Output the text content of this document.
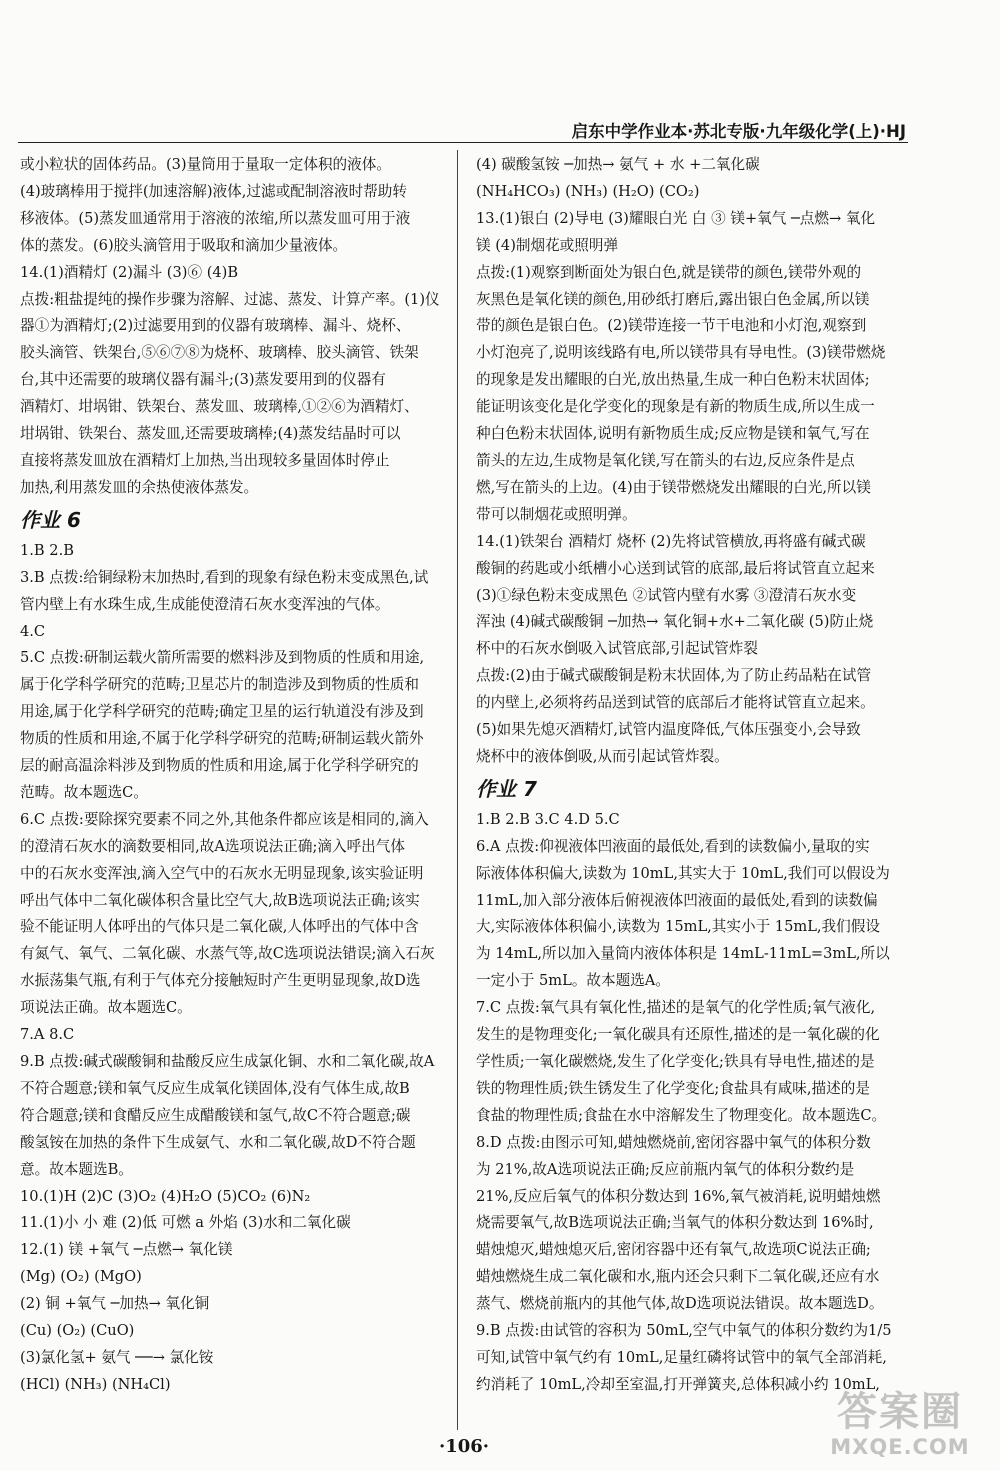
启东中学作业本·苏北专版·九年级化学(上)·HJ

或小粒状的固体药品。(3)量筒用于量取一定体积的液体。

(4)玻璃棒用于搅拌(加速溶解)液体,过滤或配制溶液时帮助转

移液体。(5)蒸发皿通常用于溶液的浓缩,所以蒸发皿可用于液

体的蒸发。(6)胶头滴管用于吸取和滴加少量液体。

14.(1)酒精灯 (2)漏斗 (3)⑥ (4)B

点拨:粗盐提纯的操作步骤为溶解、过滤、蒸发、计算产率。(1)仪

器①为酒精灯;(2)过滤要用到的仪器有玻璃棒、漏斗、烧杯、

胶头滴管、铁架台,⑤⑥⑦⑧为烧杯、玻璃棒、胶头滴管、铁架

台,其中还需要的玻璃仪器有漏斗;(3)蒸发要用到的仪器有

酒精灯、坩埚钳、铁架台、蒸发皿、玻璃棒,①②⑥为酒精灯、

坩埚钳、铁架台、蒸发皿,还需要玻璃棒;(4)蒸发结晶时可以

直接将蒸发皿放在酒精灯上加热,当出现较多量固体时停止

加热,利用蒸发皿的余热使液体蒸发。

作业 6

1.B 2.B

3.B 点拨:给铜绿粉末加热时,看到的现象有绿色粉末变成黑色,试

管内壁上有水珠生成,生成能使澄清石灰水变浑浊的气体。

4.C

5.C 点拨:研制运载火箭所需要的燃料涉及到物质的性质和用途,

属于化学科学研究的范畴;卫星芯片的制造涉及到物质的性质和

用途,属于化学科学研究的范畴;确定卫星的运行轨道没有涉及到

物质的性质和用途,不属于化学科学研究的范畴;研制运载火箭外

层的耐高温涂料涉及到物质的性质和用途,属于化学科学研究的

范畴。故本题选C。

6.C 点拨:要除探究要素不同之外,其他条件都应该是相同的,滴入

的澄清石灰水的滴数要相同,故A选项说法正确;滴入呼出气体

中的石灰水变浑浊,滴入空气中的石灰水无明显现象,该实验证明

呼出气体中二氧化碳体积含量比空气大,故B选项说法正确;该实

验不能证明人体呼出的气体只是二氧化碳,人体呼出的气体中含

有氮气、氧气、二氧化碳、水蒸气等,故C选项说法错误;滴入石灰

水振荡集气瓶,有利于气体充分接触短时产生更明显现象,故D选

项说法正确。故本题选C。

7.A 8.C

9.B 点拨:碱式碳酸铜和盐酸反应生成氯化铜、水和二氧化碳,故A

不符合题意;镁和氧气反应生成氧化镁固体,没有气体生成,故B

符合题意;镁和食醋反应生成醋酸镁和氢气,故C不符合题意;碳

酸氢铵在加热的条件下生成氨气、水和二氧化碳,故D不符合题

意。故本题选B。

10.(1)H (2)C (3)O₂ (4)H₂O (5)CO₂ (6)N₂

11.(1)小 小 难 (2)低 可燃 a 外焰 (3)水和二氧化碳

12.(1) 镁 +氧气 ─点燃→ 氧化镁

(Mg) (O₂) (MgO)

(2) 铜 +氧气 ─加热→ 氧化铜

(Cu) (O₂) (CuO)

(3)氯化氢+ 氨气 ──→ 氯化铵

(HCl) (NH₃) (NH₄Cl)

(4) 碳酸氢铵 ─加热→ 氨气 + 水 +二氧化碳

(NH₄HCO₃) (NH₃) (H₂O) (CO₂)

13.(1)银白 (2)导电 (3)耀眼白光 白 ③ 镁+氧气 ─点燃→ 氧化

镁 (4)制烟花或照明弹

点拨:(1)观察到断面处为银白色,就是镁带的颜色,镁带外观的

灰黑色是氧化镁的颜色,用砂纸打磨后,露出银白色金属,所以镁

带的颜色是银白色。(2)镁带连接一节干电池和小灯泡,观察到

小灯泡亮了,说明该线路有电,所以镁带具有导电性。(3)镁带燃烧

的现象是发出耀眼的白光,放出热量,生成一种白色粉末状固体;

能证明该变化是化学变化的现象是有新的物质生成,所以生成一

种白色粉末状固体,说明有新物质生成;反应物是镁和氧气,写在

箭头的左边,生成物是氧化镁,写在箭头的右边,反应条件是点

燃,写在箭头的上边。(4)由于镁带燃烧发出耀眼的白光,所以镁

带可以制烟花或照明弹。

14.(1)铁架台 酒精灯 烧杯 (2)先将试管横放,再将盛有碱式碳

酸铜的药匙或小纸槽小心送到试管的底部,最后将试管直立起来

(3)①绿色粉末变成黑色 ②试管内壁有水雾 ③澄清石灰水变

浑浊 (4)碱式碳酸铜 ─加热→ 氧化铜+水+二氧化碳 (5)防止烧

杯中的石灰水倒吸入试管底部,引起试管炸裂

点拨:(2)由于碱式碳酸铜是粉末状固体,为了防止药品粘在试管

的内壁上,必须将药品送到试管的底部后才能将试管直立起来。

(5)如果先熄灭酒精灯,试管内温度降低,气体压强变小,会导致

烧杯中的液体倒吸,从而引起试管炸裂。

作业 7

1.B 2.B 3.C 4.D 5.C

6.A 点拨:仰视液体凹液面的最低处,看到的读数偏小,量取的实

际液体体积偏大,读数为 10mL,其实大于 10mL,我们可以假设为

11mL,加入部分液体后俯视液体凹液面的最低处,看到的读数偏

大,实际液体体积偏小,读数为 15mL,其实小于 15mL,我们假设

为 14mL,所以加入量筒内液体体积是 14mL-11mL=3mL,所以

一定小于 5mL。故本题选A。

7.C 点拨:氧气具有氧化性,描述的是氧气的化学性质;氧气液化,

发生的是物理变化;一氧化碳具有还原性,描述的是一氧化碳的化

学性质;一氧化碳燃烧,发生了化学变化;铁具有导电性,描述的是

铁的物理性质;铁生锈发生了化学变化;食盐具有咸味,描述的是

食盐的物理性质;食盐在水中溶解发生了物理变化。故本题选C。

8.D 点拨:由图示可知,蜡烛燃烧前,密闭容器中氧气的体积分数

为 21%,故A选项说法正确;反应前瓶内氧气的体积分数约是

21%,反应后氧气的体积分数达到 16%,氧气被消耗,说明蜡烛燃

烧需要氧气,故B选项说法正确;当氧气的体积分数达到 16%时,

蜡烛熄灭,蜡烛熄灭后,密闭容器中还有氧气,故选项C说法正确;

蜡烛燃烧生成二氧化碳和水,瓶内还会只剩下二氧化碳,还应有水

蒸气、燃烧前瓶内的其他气体,故D选项说法错误。故本题选D。

9.B 点拨:由试管的容积为 50mL,空气中氧气的体积分数约为1/5

可知,试管中氧气约有 10mL,足量红磷将试管中的氧气全部消耗,

约消耗了 10mL,冷却至室温,打开弹簧夹,总体积减小约 10mL,

·106·
答案圈
MXQE.COM
